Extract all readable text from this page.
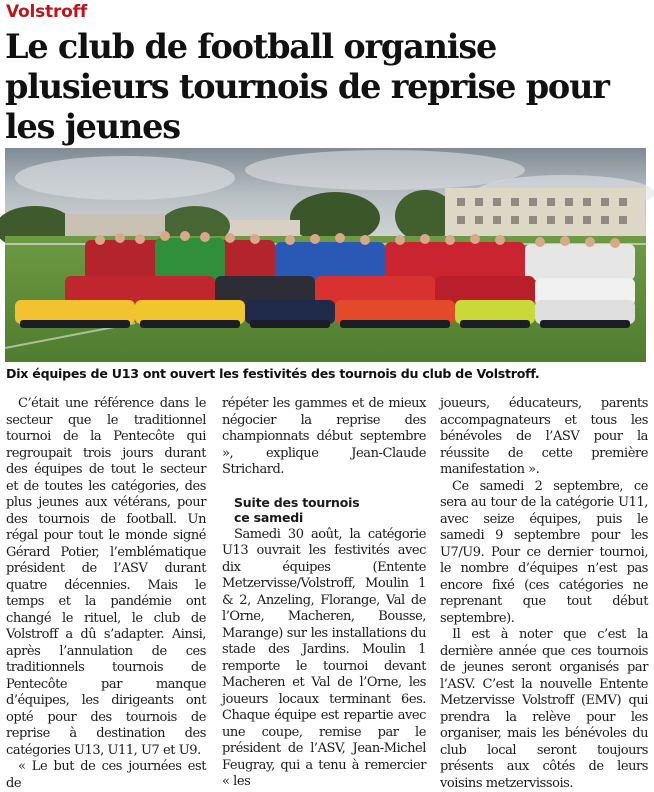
Volstroff
Le club de football organise plusieurs tournois de reprise pour les jeunes
Dix équipes de U13 ont ouvert les festivités des tournois du club de Volstroff.

C’était une référence dans le secteur que le traditionnel tournoi de la Pentecôte qui regroupait trois jours durant des équipes de tout le secteur et de toutes les catégories, des plus jeunes aux vétérans, pour des tournois de football. Un régal pour tout le monde signé Gérard Potier, l’emblématique président de l’ASV durant quatre décennies. Mais le temps et la pandémie ont changé le rituel, le club de Volstroff a dû s’adapter. Ainsi, après l’annulation de ces traditionnels tournois de Pentecôte par manque d’équipes, les dirigeants ont opté pour des tournois de reprise à destination des catégories U13, U11, U7 et U9.

« Le but de ces journées est de

répéter les gammes et de mieux négocier la reprise des championnats début septembre », explique Jean-Claude Strichard.

Suite des tournois
ce samedi

Samedi 30 août, la catégorie U13 ouvrait les festivités avec dix équipes (Entente Metzervisse/Volstroff, Moulin 1 & 2, Anzeling, Florange, Val de l’Orne, Macheren, Bousse, Marange) sur les installations du stade des Jardins. Moulin 1 remporte le tournoi devant Macheren et Val de l’Orne, les joueurs locaux terminant 6es. Chaque équipe est repartie avec une coupe, remise par le président de l’ASV, Jean-Michel Feugray, qui a tenu à remercier « les

joueurs, éducateurs, parents accompagnateurs et tous les bénévoles de l’ASV pour la réussite de cette première manifestation ».

Ce samedi 2 septembre, ce sera au tour de la catégorie U11, avec seize équipes, puis le samedi 9 septembre pour les U7/U9. Pour ce dernier tournoi, le nombre d’équipes n’est pas encore fixé (ces catégories ne reprenant que tout début septembre).

Il est à noter que c’est la dernière année que ces tournois de jeunes seront organisés par l’ASV. C’est la nouvelle Entente Metzervisse Volstroff (EMV) qui prendra la relève pour les organiser, mais les bénévoles du club local seront toujours présents aux côtés de leurs voisins metzervissois.
